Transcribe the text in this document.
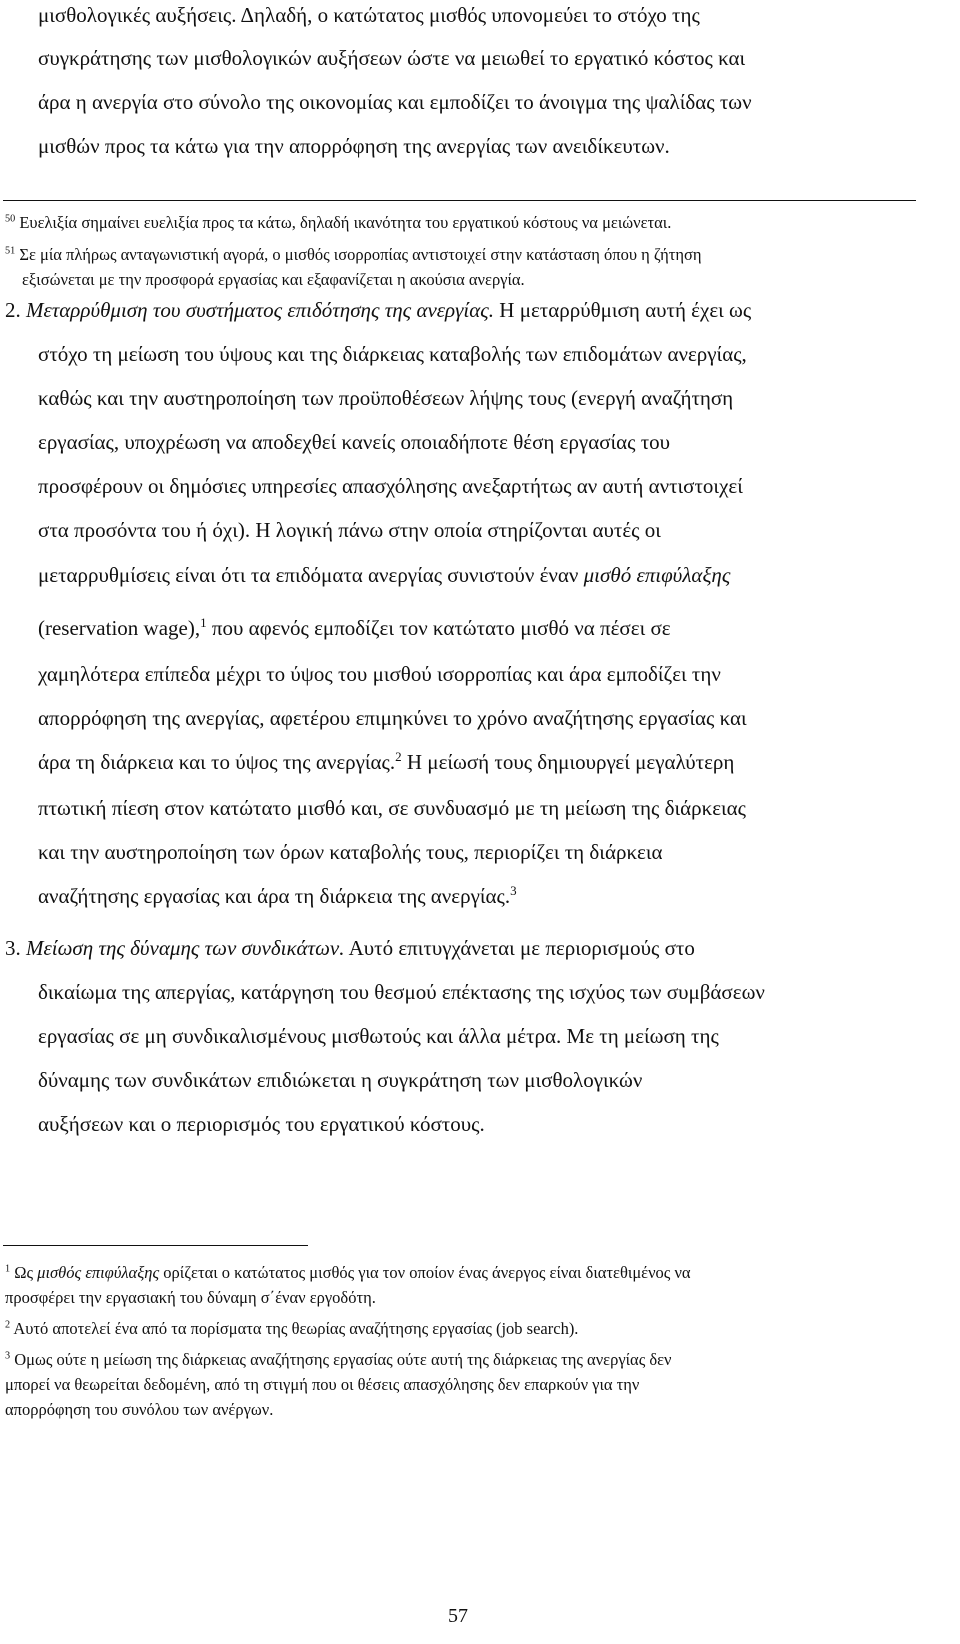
μισθολογικές αυξήσεις. Δηλαδή, ο κατώτατος μισθός υπονομεύει το στόχο της
συγκράτησης των μισθολογικών αυξήσεων ώστε να μειωθεί το εργατικό κόστος και
άρα η ανεργία στο σύνολο της οικονομίας και εμποδίζει το άνοιγμα της ψαλίδας των
μισθών προς τα κάτω για την απορρόφηση της ανεργίας των ανειδίκευτων.
$^{50}$ Ευελιξία σημαίνει ευελιξία προς τα κάτω, δηλαδή ικανότητα του εργατικού κόστους να μειώνεται.
$^{51}$ Σε μία πλήρως ανταγωνιστική αγορά, ο μισθός ισορροπίας αντιστοιχεί στην κατάσταση όπου η ζήτηση
εξισώνεται με την προσφορά εργασίας και εξαφανίζεται η ακούσια ανεργία.
2. Μεταρρύθμιση του συστήματος επιδότησης της ανεργίας. Η μεταρρύθμιση αυτή έχει ως
στόχο τη μείωση του ύψους και της διάρκειας καταβολής των επιδομάτων ανεργίας,
καθώς και την αυστηροποίηση των προϋποθέσεων λήψης τους (ενεργή αναζήτηση
εργασίας, υποχρέωση να αποδεχθεί κανείς οποιαδήποτε θέση εργασίας του
προσφέρουν οι δημόσιες υπηρεσίες απασχόλησης ανεξαρτήτως αν αυτή αντιστοιχεί
στα προσόντα του ή όχι). Η λογική πάνω στην οποία στηρίζονται αυτές οι
μεταρρυθμίσεις είναι ότι τα επιδόματα ανεργίας συνιστούν έναν μισθό επιφύλαξης
(reservation wage),$^1$ που αφενός εμποδίζει τον κατώτατο μισθό να πέσει σε
χαμηλότερα επίπεδα μέχρι το ύψος του μισθού ισορροπίας και άρα εμποδίζει την
απορρόφηση της ανεργίας, αφετέρου επιμηκύνει το χρόνο αναζήτησης εργασίας και
άρα τη διάρκεια και το ύψος της ανεργίας.$^2$ Η μείωσή τους δημιουργεί μεγαλύτερη
πτωτική πίεση στον κατώτατο μισθό και, σε συνδυασμό με τη μείωση της διάρκειας
και την αυστηροποίηση των όρων καταβολής τους, περιορίζει τη διάρκεια
αναζήτησης εργασίας και άρα τη διάρκεια της ανεργίας.$^3$
3. Μείωση της δύναμης των συνδικάτων. Αυτό επιτυγχάνεται με περιορισμούς στο
δικαίωμα της απεργίας, κατάργηση του θεσμού επέκτασης της ισχύος των συμβάσεων
εργασίας σε μη συνδικαλισμένους μισθωτούς και άλλα μέτρα. Με τη μείωση της
δύναμης των συνδικάτων επιδιώκεται η συγκράτηση των μισθολογικών
αυξήσεων και ο περιορισμός του εργατικού κόστους.
$^1$ Ως μισθός επιφύλαξης ορίζεται ο κατώτατος μισθός για τον οποίον ένας άνεργος είναι διατεθιμένος να
προσφέρει την εργασιακή του δύναμη σ΄έναν εργοδότη.
$^2$ Αυτό αποτελεί ένα από τα πορίσματα της θεωρίας αναζήτησης εργασίας (job search).
$^3$ Ομως ούτε η μείωση της διάρκειας αναζήτησης εργασίας ούτε αυτή της διάρκειας της ανεργίας δεν
μπορεί να θεωρείται δεδομένη, από τη στιγμή που οι θέσεις απασχόλησης δεν επαρκούν για την
απορρόφηση του συνόλου των ανέργων.
57
